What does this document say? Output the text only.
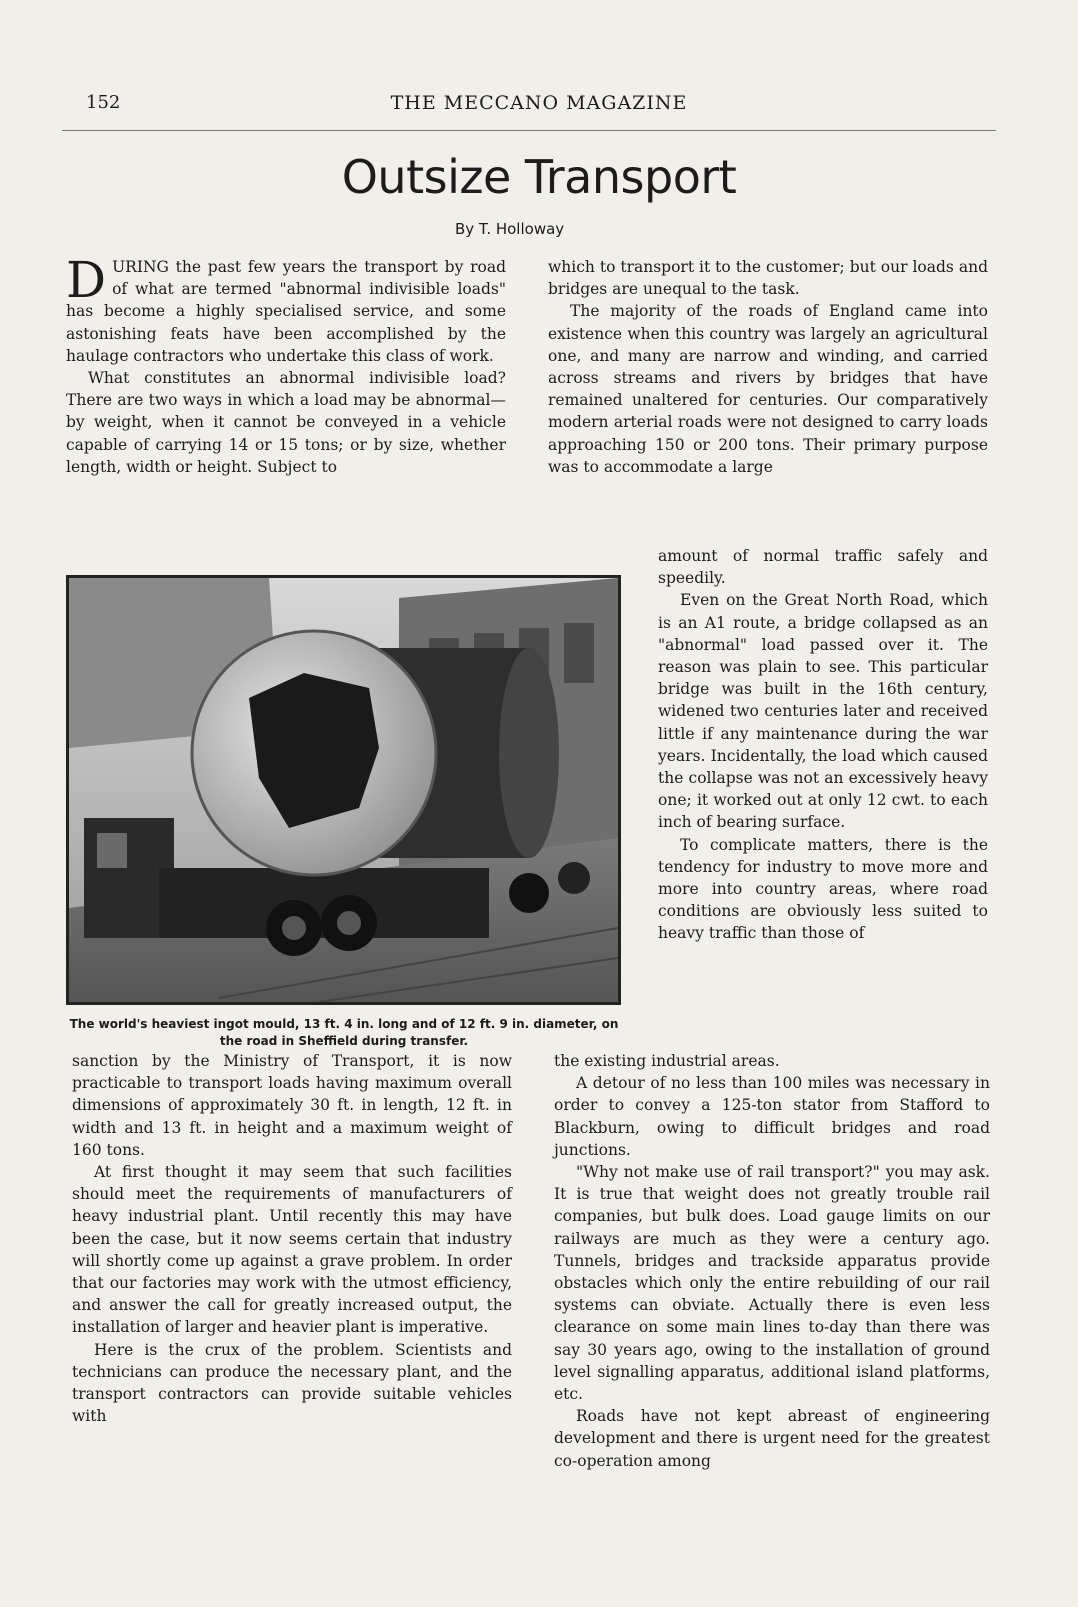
152	THE MECCANO MAGAZINE
Outsize Transport
By T. Holloway

DURING the past few years the transport by road of what are termed "abnormal indivisible loads" has become a highly specialised service, and some astonishing feats have been accomplished by the haulage contractors who undertake this class of work.

What constitutes an abnormal indivisible load? There are two ways in which a load may be abnormal—by weight, when it cannot be conveyed in a vehicle capable of carrying 14 or 15 tons; or by size, whether length, width or height. Subject to

The world's heaviest ingot mould, 13 ft. 4 in. long and of 12 ft. 9 in. diameter, on the road in Sheffield during transfer.

sanction by the Ministry of Transport, it is now practicable to transport loads having maximum overall dimensions of approximately 30 ft. in length, 12 ft. in width and 13 ft. in height and a maximum weight of 160 tons.

At first thought it may seem that such facilities should meet the requirements of manufacturers of heavy industrial plant. Until recently this may have been the case, but it now seems certain that industry will shortly come up against a grave problem. In order that our factories may work with the utmost efficiency, and answer the call for greatly increased output, the installation of larger and heavier plant is imperative.

Here is the crux of the problem. Scientists and technicians can produce the necessary plant, and the transport contractors can provide suitable vehicles with

which to transport it to the customer; but our loads and bridges are unequal to the task.

The majority of the roads of England came into existence when this country was largely an agricultural one, and many are narrow and winding, and carried across streams and rivers by bridges that have remained unaltered for centuries. Our comparatively modern arterial roads were not designed to carry loads approaching 150 or 200 tons. Their primary purpose was to accommodate a large

amount of normal traffic safely and speedily.

Even on the Great North Road, which is an A1 route, a bridge collapsed as an "abnormal" load passed over it. The reason was plain to see. This particular bridge was built in the 16th century, widened two centuries later and received little if any maintenance during the war years. Incidentally, the load which caused the collapse was not an excessively heavy one; it worked out at only 12 cwt. to each inch of bearing surface.

To complicate matters, there is the tendency for industry to move more and more into country areas, where road conditions are obviously less suited to heavy traffic than those of

the existing industrial areas.

A detour of no less than 100 miles was necessary in order to convey a 125-ton stator from Stafford to Blackburn, owing to difficult bridges and road junctions.

"Why not make use of rail transport?" you may ask. It is true that weight does not greatly trouble rail companies, but bulk does. Load gauge limits on our railways are much as they were a century ago. Tunnels, bridges and trackside apparatus provide obstacles which only the entire rebuilding of our rail systems can obviate. Actually there is even less clearance on some main lines to-day than there was say 30 years ago, owing to the installation of ground level signalling apparatus, additional island platforms, etc.

Roads have not kept abreast of engineering development and there is urgent need for the greatest co-operation among
